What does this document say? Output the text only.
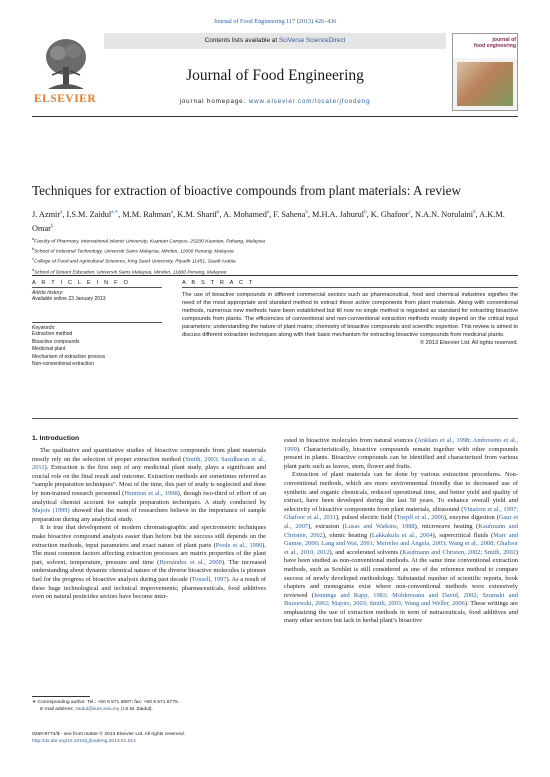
Journal of Food Engineering 117 (2013) 426–436
ELSEVIER
Contents lists available at SciVerse ScienceDirect
Journal of Food Engineering
journal homepage: www.elsevier.com/locate/jfoodeng
journal of
food engineering
Techniques for extraction of bioactive compounds from plant materials: A review
J. Azmir$^a$, I.S.M. Zaidul$^{a,∗}$, M.M. Rahman$^a$, K.M. Sharif$^a$, A. Mohamed$^a$, F. Sahena$^b$, M.H.A. Jahurul$^b$, K. Ghafoor$^c$, N.A.N. Norulaini$^d$, A.K.M. Omar$^b$
$^a$Faculty of Pharmacy, International Islamic University, Kuantan Campus, 25200 Kuantan, Pahang, Malaysia
$^b$School of Industrial Technology, Universiti Sains Malaysia, Minden, 11800 Penang, Malaysia
$^c$College of Food and Agricultural Sciences, King Saud University, Riyadh 11451, Saudi Arabia
$^d$School of Distant Education, Universiti Sains Malaysia, Minden, 11800 Penang, Malaysia
A R T I C L E I N F O	A B S T R A C T
Article history:
Available online 23 January 2013
Keywords:
Extraction method
Bioactive compounds
Medicinal plant
Mechanism of extraction process
Non-conventional extraction
The use of bioactive compounds in different commercial sectors such as pharmaceutical, food and chemical industries signifies the need of the most appropriate and standard method to extract these active components from plant materials. Along with conventional methods, numerous new methods have been established but till now no single method is regarded as standard for extracting bioactive compounds from plants. The efficiencies of conventional and non-conventional extraction methods mostly depend on the critical input parameters; understanding the nature of plant matrix; chemistry of bioactive compounds and scientific expertise. This review is aimed to discuss different extraction techniques along with their basic mechanism for extracting bioactive compounds from medicinal plants.
© 2013 Elsevier Ltd. All rights reserved.
1. Introduction

The qualitative and quantitative studies of bioactive compounds from plant materials mostly rely on the selection of proper extraction method (Smith, 2003; Sasidharan et al., 2011). Extraction is the first step of any medicinal plant study, plays a significant and crucial role on the final result and outcome. Extraction methods are sometimes referred as “sample preparation techniques”. Most of the time, this part of study is neglected and done by non-trained research personnel (Hennion et al., 1998), though two-third of effort of an analytical chemist account for sample preparation techniques. A study conducted by Majors (1999) showed that the most of researchers believe in the importance of sample preparation during any analytical study.

It is true that development of modern chromatographic and spectrometric techniques make bioactive compound analysis easier than before but the success still depends on the extraction methods, input parameters and exact nature of plant parts (Poole et al., 1990). The most common factors affecting extraction processes are matrix properties of the plant part, solvent, temperature, pressure and time (Hernández et al., 2009). The increased understanding about dynamic chemical nature of the diverse bioactive molecules is pioneer fuel for the progress of bioactive analysis during past decade (Tonsell, 1997). As a result of these huge technological and technical improvements; pharmaceuticals, food additives even on natural pesticides sectors have become inter-

ested in bioactive molecules from natural sources (Anklam et al., 1998; Ambrosino et al., 1999). Characteristically, bioactive compounds remain together with other compounds present in plants. Bioactive compounds can be identified and characterized from various plant parts such as leaves, stem, flower and fruits.

Extraction of plant materials can be done by various extraction procedures. Non-conventional methods, which are more environmental friendly due to decreased use of synthetic and organic chemicals, reduced operational time, and better yield and quality of extract, have been developed during the last 50 years. To enhance overall yield and selectivity of bioactive components from plant materials, ultrasound (Vinatoru et al., 1997; Ghafoor et al., 2011), pulsed electric field (Toepfl et al., 2006), enzyme digestion (Gaur et al., 2007), extrusion (Lusas and Watkins, 1988), microwave heating (Kaufmann and Christen, 2002), ohmic heating (Lakkakula et al., 2004), supercritical fluids (Marr and Gamse, 2000; Lang and Wai, 2001; Meireles and Angela, 2003; Wang et al., 2008; Ghafoor et al., 2010, 2012), and accelerated solvents (Kaufmann and Christen, 2002; Smith, 2002) have been studied as non-conventional methods. At the same time conventional extraction methods, such as Soxhlet is still considered as one of the reference method to compare success of newly developed methodology. Substantial number of scientific reports, book chapters and monograms exist where non-conventional methods were extensively reviewed (Jennings and Rapp, 1983; Moldoveanu and David, 2002; Szumski and Buszewski, 2002; Majors, 2003; Smith, 2003; Wang and Weller, 2006). These writings are emphasizing the use of extraction methods in term of nutraceuticals, food additives and many other sectors but lack in herbal plant’s bioactive

∗ Corresponding author. Tel.: +60 9 571 6687; fax: +60 9 571 6775.
E-mail address: zaidul@iium.edu.my (I.S.M. Zaidul).
0260-8774/$ - see front matter © 2013 Elsevier Ltd. All rights reserved.
http://dx.doi.org/10.1016/j.jfoodeng.2013.01.014
